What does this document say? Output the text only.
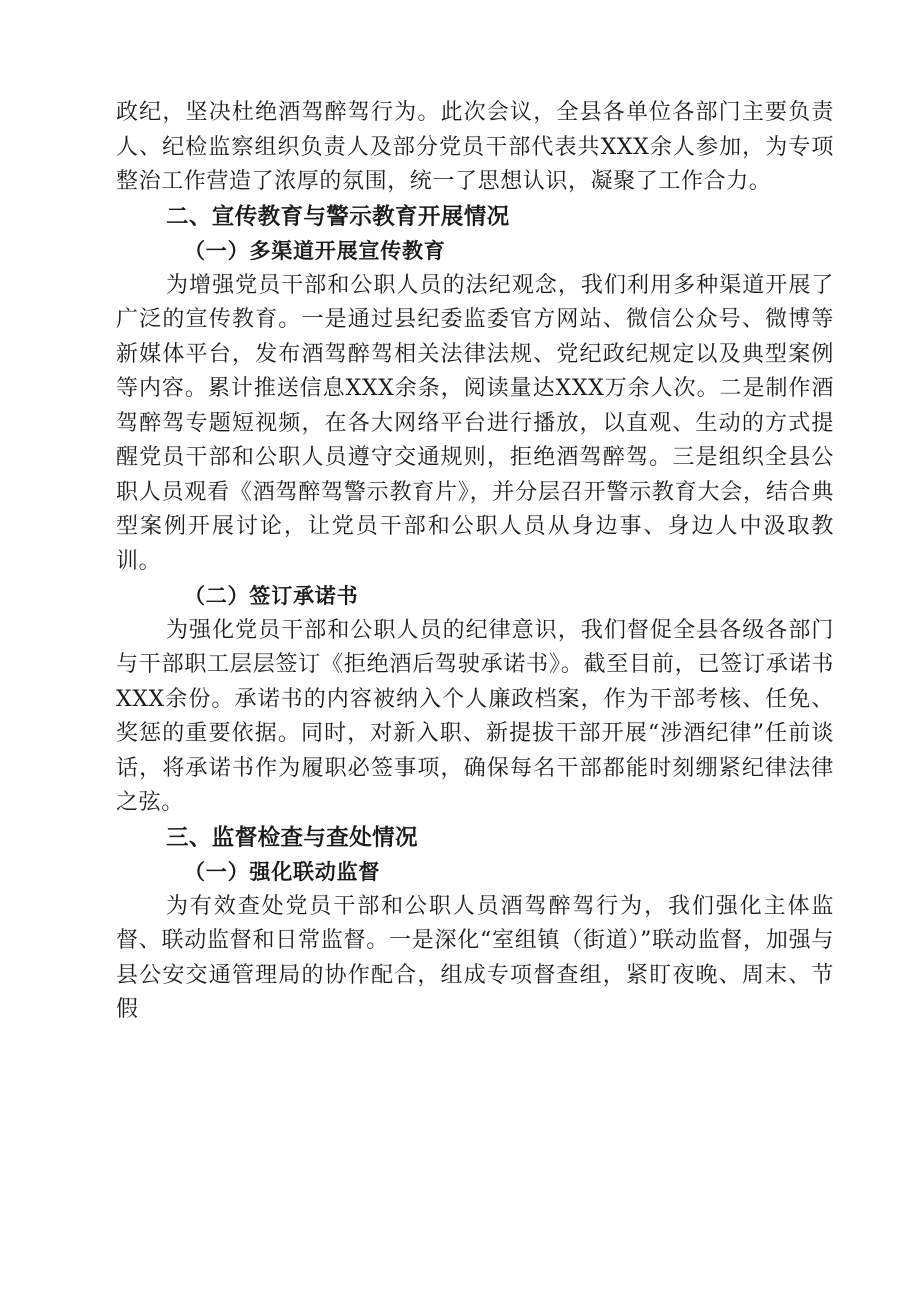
政纪，坚决杜绝酒驾醉驾行为。此次会议，全县各单位各部门主要负责人、纪检监察组织负责人及部分党员干部代表共XXX余人参加，为专项整治工作营造了浓厚的氛围，统一了思想认识，凝聚了工作合力。

二、宣传教育与警示教育开展情况
（一）多渠道开展宣传教育

为增强党员干部和公职人员的法纪观念，我们利用多种渠道开展了广泛的宣传教育。一是通过县纪委监委官方网站、微信公众号、微博等新媒体平台，发布酒驾醉驾相关法律法规、党纪政纪规定以及典型案例等内容。累计推送信息XXX余条，阅读量达XXX万余人次。二是制作酒驾醉驾专题短视频，在各大网络平台进行播放，以直观、生动的方式提醒党员干部和公职人员遵守交通规则，拒绝酒驾醉驾。三是组织全县公职人员观看《酒驾醉驾警示教育片》，并分层召开警示教育大会，结合典型案例开展讨论，让党员干部和公职人员从身边事、身边人中汲取教训。

（二）签订承诺书

为强化党员干部和公职人员的纪律意识，我们督促全县各级各部门与干部职工层层签订《拒绝酒后驾驶承诺书》。截至目前，已签订承诺书XXX余份。承诺书的内容被纳入个人廉政档案，作为干部考核、任免、奖惩的重要依据。同时，对新入职、新提拔干部开展“涉酒纪律”任前谈话，将承诺书作为履职必签事项，确保每名干部都能时刻绷紧纪律法律之弦。

三、监督检查与查处情况
（一）强化联动监督

为有效查处党员干部和公职人员酒驾醉驾行为，我们强化主体监督、联动监督和日常监督。一是深化“室组镇（街道）”联动监督，加强与县公安交通管理局的协作配合，组成专项督查组，紧盯夜晚、周末、节假
